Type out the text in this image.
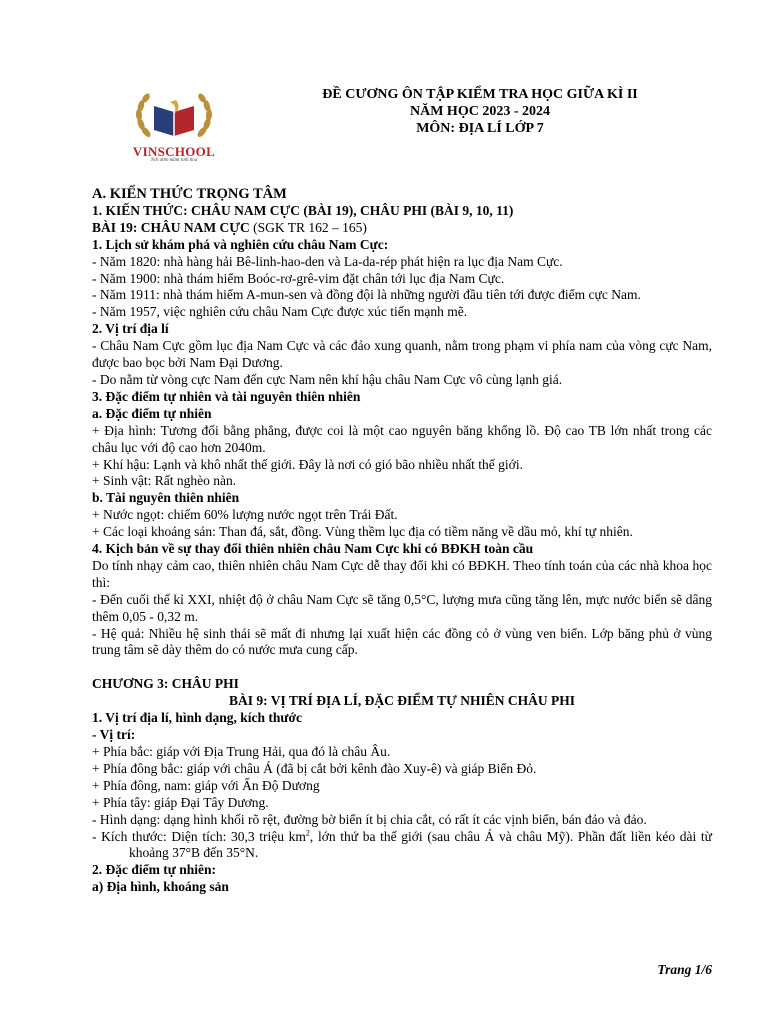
VINSCHOOL
Nơi ươm mầm tinh hoa
ĐỀ CƯƠNG ÔN TẬP KIỂM TRA HỌC GIỮA KÌ II
NĂM HỌC 2023 - 2024
MÔN: ĐỊA LÍ LỚP 7

A. KIẾN THỨC TRỌNG TÂM

1. KIẾN THỨC: CHÂU NAM CỰC (BÀI 19), CHÂU PHI (BÀI 9, 10, 11)

BÀI 19: CHÂU NAM CỰC (SGK TR 162 – 165)

1. Lịch sử khám phá và nghiên cứu châu Nam Cực:

- Năm 1820: nhà hàng hải Bê-linh-hao-den và La-da-rép phát hiện ra lục địa Nam Cực.

- Năm 1900: nhà thám hiểm Boóc-rơ-grê-vim đặt chân tới lục địa Nam Cực.

- Năm 1911: nhà thám hiểm A-mun-sen và đồng đội là những người đầu tiên tới được điểm cực Nam.

- Năm 1957, việc nghiên cứu châu Nam Cực được xúc tiến mạnh mẽ.

2. Vị trí địa lí

- Châu Nam Cực gồm lục địa Nam Cực và các đảo xung quanh, nằm trong phạm vi phía nam của vòng cực Nam, được bao bọc bởi Nam Đại Dương.

- Do nằm từ vòng cực Nam đến cực Nam nên khí hậu châu Nam Cực vô cùng lạnh giá.

3. Đặc điểm tự nhiên và tài nguyên thiên nhiên

a. Đặc điểm tự nhiên

+ Địa hình: Tương đối bằng phẳng, được coi là một cao nguyên băng khổng lồ. Độ cao TB lớn nhất trong các châu lục với độ cao hơn 2040m.

+ Khí hậu: Lạnh và khô nhất thế giới. Đây là nơi có gió bão nhiều nhất thế giới.

+ Sinh vật: Rất nghèo nàn.

b. Tài nguyên thiên nhiên

+ Nước ngọt: chiếm 60% lượng nước ngọt trên Trái Đất.

+ Các loại khoáng sản: Than đá, sắt, đồng. Vùng thềm lục địa có tiềm năng về dầu mỏ, khí tự nhiên.

4. Kịch bản về sự thay đổi thiên nhiên châu Nam Cực khi có BĐKH toàn cầu

Do tính nhạy cảm cao, thiên nhiên châu Nam Cực dễ thay đổi khi có BĐKH. Theo tính toán của các nhà khoa học thì:

- Đến cuối thế kỉ XXI, nhiệt độ ở châu Nam Cực sẽ tăng 0,5°C, lượng mưa cũng tăng lên, mực nước biển sẽ dâng thêm 0,05 - 0,32 m.

- Hệ quả: Nhiều hệ sinh thái sẽ mất đi nhưng lại xuất hiện các đồng cỏ ở vùng ven biển. Lớp băng phủ ở vùng trung tâm sẽ dày thêm do có nước mưa cung cấp.

CHƯƠNG 3: CHÂU PHI

BÀI 9: VỊ TRÍ ĐỊA LÍ, ĐẶC ĐIỂM TỰ NHIÊN CHÂU PHI

1. Vị trí địa lí, hình dạng, kích thước

- Vị trí:

+ Phía bắc: giáp với Địa Trung Hải, qua đó là châu Âu.

+ Phía đông bắc: giáp với châu Á (đã bị cắt bởi kênh đào Xuy-ê) và giáp Biển Đỏ.

+ Phía đông, nam: giáp với Ấn Độ Dương

+ Phía tây: giáp Đại Tây Dương.

- Hình dạng: dạng hình khối rõ rệt, đường bờ biển ít bị chia cắt, có rất ít các vịnh biển, bán đảo và đảo.

- Kích thước: Diện tích: 30,3 triệu $km^2$, lớn thứ ba thế giới (sau châu Á và châu Mỹ). Phần đất liền kéo dài từ khoảng 37°B đến 35°N.

2. Đặc điểm tự nhiên:

a) Địa hình, khoáng sản

Trang 1/6
